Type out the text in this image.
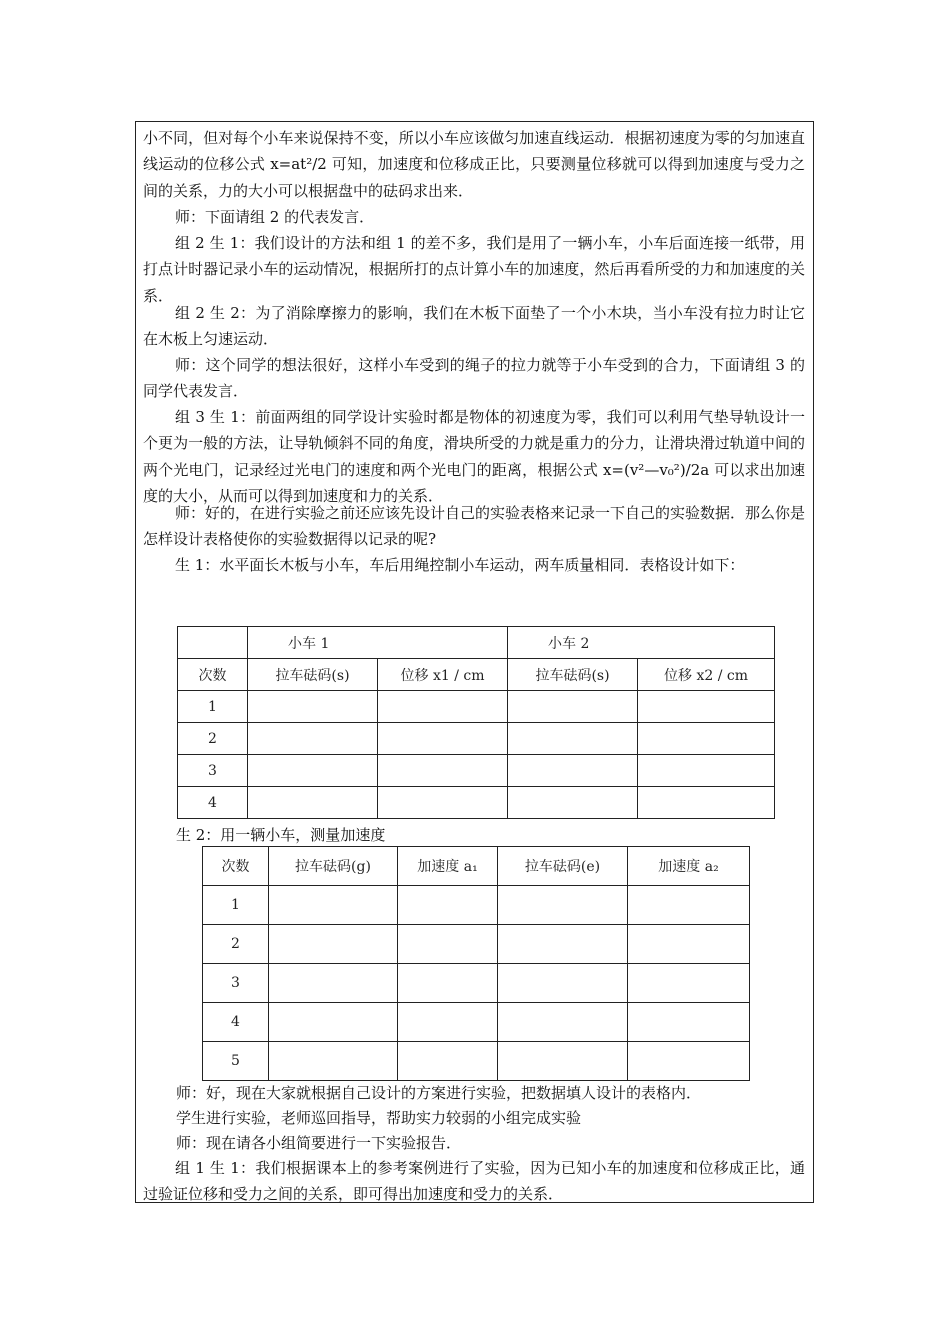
小不同，但对每个小车来说保持不变，所以小车应该做匀加速直线运动．根据初速度为零的匀加速直线运动的位移公式 x=at²/2 可知，加速度和位移成正比，只要测量位移就可以得到加速度与受力之间的关系，力的大小可以根据盘中的砝码求出来．

师：下面请组 2 的代表发言．

组 2 生 1：我们设计的方法和组 1 的差不多，我们是用了一辆小车，小车后面连接一纸带，用打点计时器记录小车的运动情况，根据所打的点计算小车的加速度，然后再看所受的力和加速度的关系．

组 2 生 2：为了消除摩擦力的影响，我们在木板下面垫了一个小木块，当小车没有拉力时让它在木板上匀速运动．

师：这个同学的想法很好，这样小车受到的绳子的拉力就等于小车受到的合力，下面请组 3 的同学代表发言．

组 3 生 1：前面两组的同学设计实验时都是物体的初速度为零，我们可以利用气垫导轨设计一个更为一般的方法，让导轨倾斜不同的角度，滑块所受的力就是重力的分力，让滑块滑过轨道中间的两个光电门，记录经过光电门的速度和两个光电门的距离，根据公式 x=(v²—v₀²)/2a 可以求出加速度的大小，从而可以得到加速度和力的关系．

师：好的，在进行实验之前还应该先设计自己的实验表格来记录一下自己的实验数据．那么你是怎样设计表格使你的实验数据得以记录的呢?

生 1：水平面长木板与小车，车后用绳控制小车运动，两车质量相同．表格设计如下：

	小车 1		小车 2	
次数	拉车砝码(s)	位移 x1 / cm	拉车砝码(s)	位移 x2 / cm
1				
2				
3				
4				

生 2：用一辆小车，测量加速度

次数	拉车砝码(g)	加速度 a₁	拉车砝码(e)	加速度 a₂
1				
2				
3				
4				
5				

师：好，现在大家就根据自己设计的方案进行实验，把数据填人设计的表格内．

学生进行实验，老师巡回指导，帮助实力较弱的小组完成实验

师：现在请各小组简要进行一下实验报告．

组 1 生 1：我们根据课本上的参考案例进行了实验，因为已知小车的加速度和位移成正比，通过验证位移和受力之间的关系，即可得出加速度和受力的关系．
